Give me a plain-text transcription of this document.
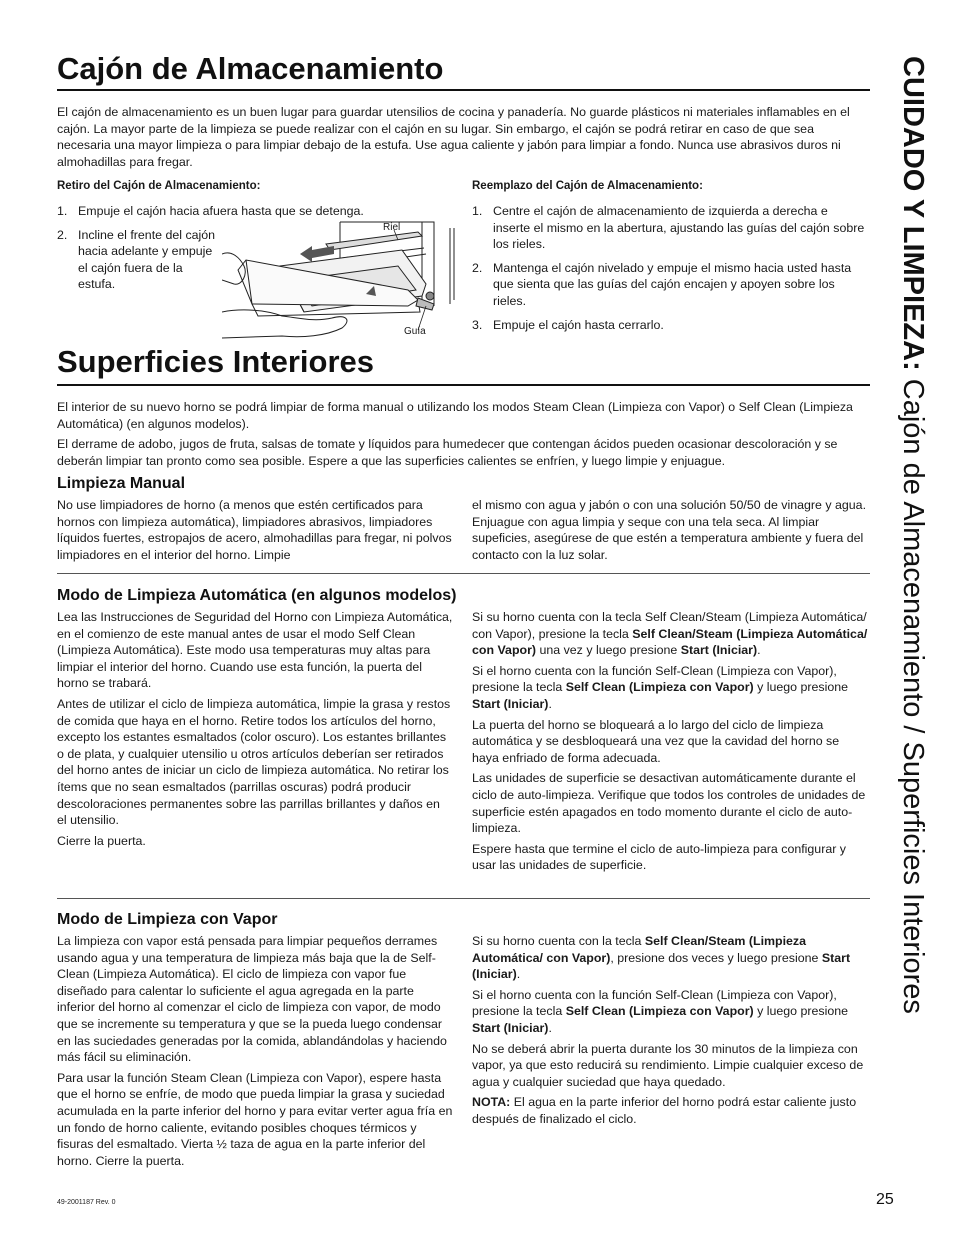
CUIDADO Y LIMPIEZA: Cajón de Almacenamiento / Superficies Interiores
Cajón de Almacenamiento

El cajón de almacenamiento es un buen lugar para guardar utensilios de cocina y panadería. No guarde plásticos ni materiales inflamables en el cajón. La mayor parte de la limpieza se puede realizar con el cajón en su lugar. Sin embargo, el cajón se podrá retirar en caso de que sea necesaria una mayor limpieza o para limpiar debajo de la estufa. Use agua caliente y jabón para limpiar a fondo. Nunca use abrasivos duros ni almohadillas para fregar.

Retiro del Cajón de Almacenamiento:
1. Empuje el cajón hacia afuera hasta que se detenga.
2. Incline el frente del cajón hacia adelante y empuje el cajón fuera de la estufa.
Riel
Guía
Reemplazo del Cajón de Almacenamiento:
1. Centre el cajón de almacenamiento de izquierda a derecha e inserte el mismo en la abertura, ajustando las guías del cajón sobre los rieles.
2. Mantenga el cajón nivelado y empuje el mismo hacia usted hasta que sienta que las guías del cajón encajen y apoyen sobre los rieles.
3. Empuje el cajón hasta cerrarlo.
Superficies Interiores

El interior de su nuevo horno se podrá limpiar de forma manual o utilizando los modos Steam Clean (Limpieza con Vapor) o Self Clean (Limpieza Automática) (en algunos modelos).

El derrame de adobo, jugos de fruta, salsas de tomate y líquidos para humedecer que contengan ácidos pueden ocasionar descoloración y se deberán limpiar tan pronto como sea posible. Espere a que las superficies calientes se enfríen, y luego limpie y enjuague.

Limpieza Manual

No use limpiadores de horno (a menos que estén certificados para hornos con limpieza automática), limpiadores abrasivos, limpiadores líquidos fuertes, estropajos de acero, almohadillas para fregar, ni polvos limpiadores en el interior del horno. Limpie

el mismo con agua y jabón o con una solución 50/50 de vinagre y agua. Enjuague con agua limpia y seque con una tela seca. Al limpiar supeficies, asegúrese de que estén a temperatura ambiente y fuera del contacto con la luz solar.

Modo de Limpieza Automática (en algunos modelos)

Lea las Instrucciones de Seguridad del Horno con Limpieza Automática, en el comienzo de este manual antes de usar el modo Self Clean (Limpieza Automática). Este modo usa temperaturas muy altas para limpiar el interior del horno. Cuando use esta función, la puerta del horno se trabará.

Antes de utilizar el ciclo de limpieza automática, limpie la grasa y restos de comida que haya en el horno. Retire todos los artículos del horno, excepto los estantes esmaltados (color oscuro). Los estantes brillantes o de plata, y cualquier utensilio u otros artículos deberían ser retirados del horno antes de iniciar un ciclo de limpieza automática. No retirar los ítems que no sean esmaltados (parrillas oscuras) podrá producir descoloraciones permanentes sobre las parrillas brillantes y daños en el utensilio.

Cierre la puerta.

Si su horno cuenta con la tecla Self Clean/Steam (Limpieza Automática/ con Vapor), presione la tecla Self Clean/Steam (Limpieza Automática/ con Vapor) una vez y luego presione Start (Iniciar).

Si el horno cuenta con la función Self-Clean (Limpieza con Vapor), presione la tecla Self Clean (Limpieza con Vapor) y luego presione Start (Iniciar).

La puerta del horno se bloqueará a lo largo del ciclo de limpieza automática y se desbloqueará una vez que la cavidad del horno se haya enfriado de forma adecuada.

Las unidades de superficie se desactivan automáticamente durante el ciclo de auto-limpieza. Verifique que todos los controles de unidades de superficie estén apagados en todo momento durante el ciclo de auto-limpieza.

Espere hasta que termine el ciclo de auto-limpieza para configurar y usar las unidades de superficie.

Modo de Limpieza con Vapor

La limpieza con vapor está pensada para limpiar pequeños derrames usando agua y una temperatura de limpieza más baja que la de Self-Clean (Limpieza Automática). El ciclo de limpieza con vapor fue diseñado para calentar lo suficiente el agua agregada en la parte inferior del horno al comenzar el ciclo de limpieza con vapor, de modo que se incremente su temperatura y que se la pueda luego condensar en las suciedades generadas por la comida, ablandándolas y haciendo más fácil su eliminación.

Para usar la función Steam Clean (Limpieza con Vapor), espere hasta que el horno se enfríe, de modo que pueda limpiar la grasa y suciedad acumulada en la parte inferior del horno y para evitar verter agua fría en un fondo de horno caliente, evitando posibles choques térmicos y fisuras del esmaltado. Vierta ½ taza de agua en la parte inferior del horno. Cierre la puerta.

Si su horno cuenta con la tecla Self Clean/Steam (Limpieza Automática/ con Vapor), presione dos veces y luego presione Start (Iniciar).

Si el horno cuenta con la función Self-Clean (Limpieza con Vapor), presione la tecla Self Clean (Limpieza con Vapor) y luego presione Start (Iniciar).

No se deberá abrir la puerta durante los 30 minutos de la limpieza con vapor, ya que esto reducirá su rendimiento. Limpie cualquier exceso de agua y cualquier suciedad que haya quedado.

NOTA: El agua en la parte inferior del horno podrá estar caliente justo después de finalizado el ciclo.

49-2001187 Rev. 0	25
